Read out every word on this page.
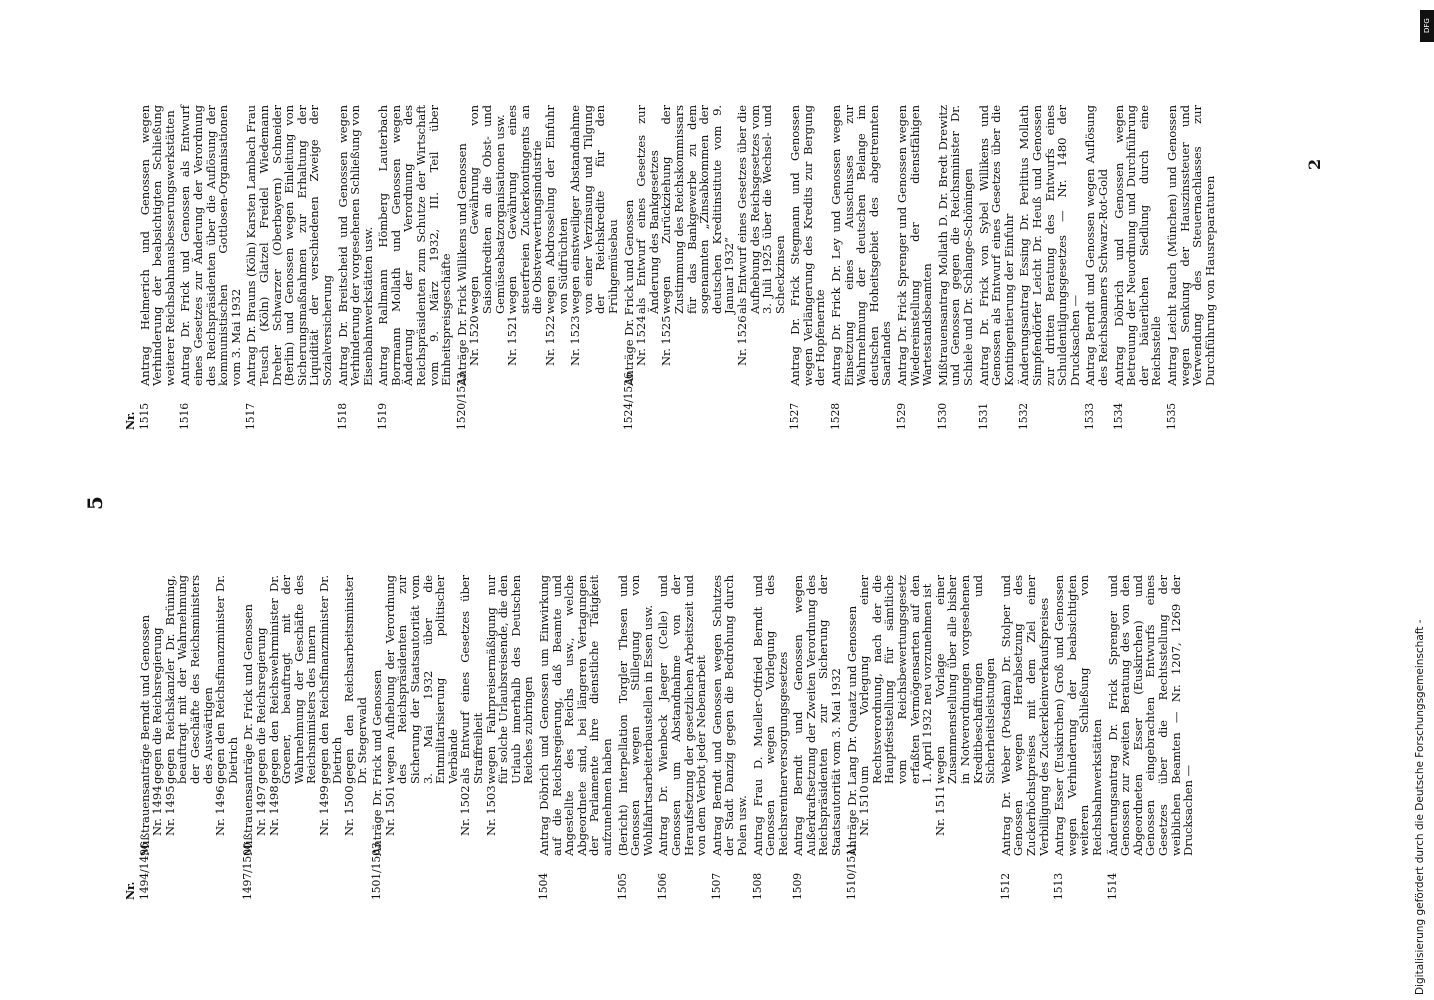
5
Nr. 1494/1496
Mißtrauensanträge Berndt und Genossen
Nr. 1494
gegen die Reichsregierung
Nr. 1495
gegen Reichskanzler Dr. Brüning, beauftragt mit der Wahrnehmung der Geschäfte des Reichsministers des Auswärtigen
Nr. 1496
gegen den Reichsfinanzminister Dr. Dietrich
1497/1500
Mißtrauensanträge Dr. Frick und Genossen
Nr. 1497
gegen die Reichsregierung
Nr. 1498
gegen den Reichswehrminister Dr. Groener, beauftragt mit der Wahrnehmung der Geschäfte des Reichsministers des Innern
Nr. 1499
gegen den Reichsfinanzminister Dr. Dietrich
Nr. 1500
gegen den Reichsarbeitsminister Dr. Stegerwald
1501/1503
Anträge Dr. Frick und Genossen
Nr. 1501
wegen Aufhebung der Verordnung des Reichspräsidenten zur Sicherung der Staatsautorität vom 3. Mai 1932 über die Entmilitarisierung politischer Verbände
Nr. 1502
als Entwurf eines Gesetzes über Straffreiheit
Nr. 1503
wegen Fahrpreisermäßigung nur für solche Urlaubsreisende, die den Urlaub innerhalb des Deutschen Reiches zubringen
1504
Antrag Döbrich und Genossen um Einwirkung auf die Reichsregierung, daß Beamte und Angestellte des Reichs usw., welche Abgeordnete sind, bei längeren Vertagungen der Parlamente ihre dienstliche Tätigkeit aufzunehmen haben
1505
(Bericht) Interpellation Torgler Thesen und Genossen wegen Stillegung von Wohlfahrtsarbeiterbaustellen in Essen usw.
1506
Antrag Dr. Wienbeck Jaeger (Celle) und Genossen um Abstandnahme von der Heraufsetzung der gesetzlichen Arbeitszeit und von dem Verbot jeder Nebenarbeit
1507
Antrag Berndt und Genossen wegen Schutzes der Stadt Danzig gegen die Bedrohung durch Polen usw.
1508
Antrag Frau D. Mueller-Otfried Berndt und Genossen wegen Vorlegung des Reichsrentnerversorgungsgesetzes
1509
Antrag Berndt und Genossen wegen Außerkraftsetzung der Zweiten Verordnung des Reichspräsidenten zur Sicherung der Staatsautorität vom 3. Mai 1932
1510/1511
Anträge Dr. Lang Dr. Quaatz und Genossen
Nr. 1510
um Vorlegung einer Rechtsverordnung, nach der die Hauptfeststellung für sämtliche vom Reichsbewertungsgesetz erfaßten Vermögensarten auf den 1. April 1932 neu vorzunehmen ist
Nr. 1511
wegen Vorlage einer Zusammenstellung über alle bisher in Notverordnungen vorgesehenen Kreditbeschaffungen und Sicherheitsleistungen
1512
Antrag Dr. Weber (Potsdam) Dr. Stolper und Genossen wegen Herabsetzung des Zuckerhöchstpreises mit dem Ziel einer Verbilligung des Zuckerkleinverkaufspreises
1513
Antrag Esser (Euskirchen) Groß und Genossen wegen Verhinderung der beabsichtigten weiteren Schließung von Reichsbahnwerkstätten
1514
Änderungsantrag Dr. Frick Sprenger und Genossen zur zweiten Beratung des von den Abgeordneten Esser (Euskirchen) und Genossen eingebrachten Entwurfs eines Gesetzes über die Rechtsstellung der weiblichen Beamten — Nr. 1207, 1269 der Drucksachen —
Nr. 1515
Antrag Helmerich und Genossen wegen Verhinderung der beabsichtigten Schließung weiterer Reichsbahnausbesserungswerkstätten
1516
Antrag Dr. Frick und Genossen als Entwurf eines Gesetzes zur Änderung der Verordnung des Reichspräsidenten über die Auflösung der kommunistischen Gottlosen-Organisationen vom 3. Mai 1932
1517
Antrag Dr. Brauns (Köln) Karsten Lambach Frau Teusch (Köln) Glatzel Freidel Wiedemann Dreher Schwarzer (Oberbayern) Schneider (Berlin) und Genossen wegen Einleitung von Sicherungsmaßnahmen zur Erhaltung der Liquidität der verschiedenen Zweige der Sozialversicherung
1518
Antrag Dr. Breitscheid und Genossen wegen Verhinderung der vorgesehenen Schließung von Eisenbahnwerkstätten usw.
1519
Antrag Rallmann Hömberg Lauterbach Borrmann Mollath und Genossen wegen Änderung der Verordnung des Reichspräsidenten zum Schutze der Wirtschaft vom 9. März 1932, III. Teil über Einheitspreisgeschäfte
1520/1523
Anträge Dr. Frick Willikens und Genossen
Nr. 1520
wegen Gewährung von Saisonkrediten an die Obst- und Gemüseabsatzorganisationen usw.
Nr. 1521
wegen Gewährung eines steuerfreien Zuckerkontingents an die Obstverwertungsindustrie
Nr. 1522
wegen Abdrosselung der Einfuhr von Südfrüchten
Nr. 1523
wegen einstweiliger Abstandnahme von einer Verzinsung und Tilgung der Reichskredite für den Frühgemüsebau
1524/1526
Anträge Dr. Frick und Genossen
Nr. 1524
als Entwurf eines Gesetzes zur Änderung des Bankgesetzes
Nr. 1525
wegen Zurückziehung der Zustimmung des Reichskommissars für das Bankgewerbe zu dem sogenannten „Zinsabkommen der deutschen Kreditinstitute vom 9. Januar 1932“
Nr. 1526
als Entwurf eines Gesetzes über die Aufhebung des Reichsgesetzes vom 3. Juli 1925 über die Wechsel- und Scheckzinsen
1527
Antrag Dr. Frick Stegmann und Genossen wegen Verlängerung des Kredits zur Bergung der Hopfenernte
1528
Antrag Dr. Frick Dr. Ley und Genossen wegen Einsetzung eines Ausschusses zur Wahrnehmung der deutschen Belange im deutschen Hoheitsgebiet des abgetrennten Saarlandes
1529
Antrag Dr. Frick Sprenger und Genossen wegen Wiedereinstellung der dienstfähigen Wartestandsbeamten
1530
Mißtrauensantrag Mollath D. Dr. Bredt Drewitz und Genossen gegen die Reichsminister Dr. Schiele und Dr. Schlange-Schöningen
1531
Antrag Dr. Frick von Sybel Willikens und Genossen als Entwurf eines Gesetzes über die Kontingentierung der Einfuhr
1532
Änderungsantrag Essing Dr. Perlitius Mollath Simpfendörfer Leicht Dr. Heuß und Genossen zur dritten Beratung des Entwurfs eines Schuldentilgungsgesetzes — Nr. 1480 der Drucksachen —
1533
Antrag Berndt und Genossen wegen Auflösung des Reichsbanners Schwarz-Rot-Gold
1534
Antrag Döbrich und Genossen wegen Betreuung der Neuordnung und Durchführung der bäuerlichen Siedlung durch eine Reichsstelle
1535
Antrag Leicht Rauch (München) und Genossen wegen Senkung der Hauszinssteuer und Verwendung des Steuernachlasses zur Durchführung von Hausreparaturen
2
Digitalisierung gefördert durch die Deutsche Forschungsgemeinschaft -
DFG
